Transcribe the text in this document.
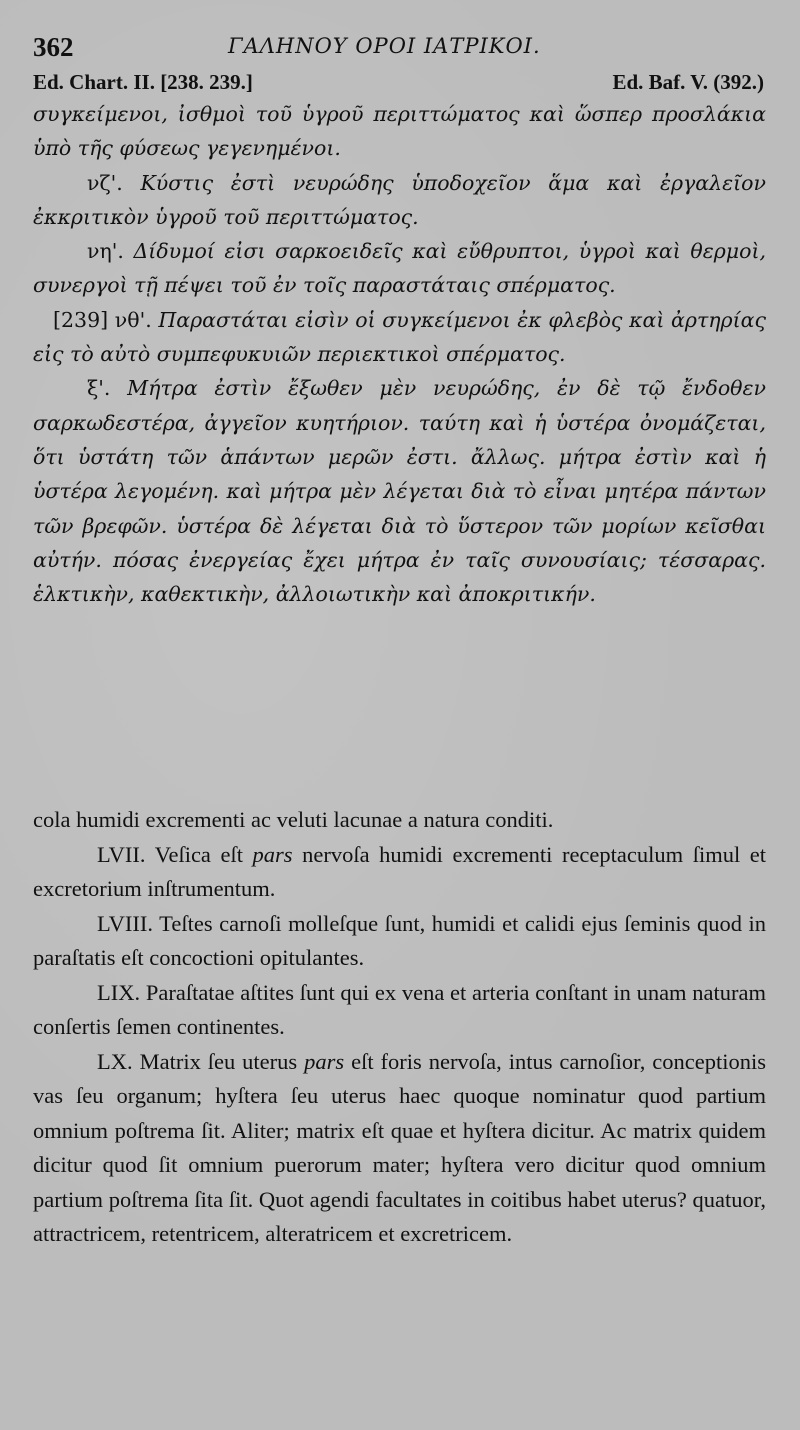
362	ΓΑΛΗΝΟΥ ΟΡΟΙ ΙΑΤΡΙΚΟΙ.
Ed. Chart. II. [238. 239.]	Ed. Baf. V. (392.)

συγκείμενοι, ἰσθμοὶ τοῦ ὑγροῦ περιττώματος καὶ ὥσπερ προσλάκια ὑπὸ τῆς φύσεως γεγενημένοι.

νζ'. Κύστις ἐστὶ νευρώδης ὑποδοχεῖον ἅμα καὶ ἐργαλεῖον ἐκκριτικὸν ὑγροῦ τοῦ περιττώματος.

νη'. Δίδυμοί εἰσι σαρκοειδεῖς καὶ εὔθρυπτοι, ὑγροὶ καὶ θερμοὶ, συνεργοὶ τῇ πέψει τοῦ ἐν τοῖς παραστάταις σπέρματος.

[239] νθ'. Παραστάται εἰσὶν οἱ συγκείμενοι ἐκ φλεβὸς καὶ ἀρτηρίας εἰς τὸ αὐτὸ συμπεφυκυιῶν περιεκτικοὶ σπέρματος.

ξ'. Μήτρα ἐστὶν ἔξωθεν μὲν νευρώδης, ἐν δὲ τῷ ἔνδοθεν σαρκωδεστέρα, ἀγγεῖον κυητήριον. ταύτη καὶ ἡ ὑστέρα ὀνομάζεται, ὅτι ὑστάτη τῶν ἁπάντων μερῶν ἐστι. ἄλλως. μήτρα ἐστὶν καὶ ἡ ὑστέρα λεγομένη. καὶ μήτρα μὲν λέγεται διὰ τὸ εἶναι μητέρα πάντων τῶν βρεφῶν. ὑστέρα δὲ λέγεται διὰ τὸ ὕστερον τῶν μορίων κεῖσθαι αὐτήν. πόσας ἐνεργείας ἔχει μήτρα ἐν ταῖς συνουσίαις; τέσσαρας. ἑλκτικὴν, καθεκτικὴν, ἀλλοιωτικὴν καὶ ἀποκριτικήν.

cola humidi excrementi ac veluti lacunae a natura conditi.

LVII. Veſica eſt pars nervoſa humidi excrementi receptaculum ſimul et excretorium inſtrumentum.

LVIII. Teſtes carnoſi molleſque ſunt, humidi et calidi ejus ſeminis quod in paraſtatis eſt concoctioni opitulantes.

LIX. Paraſtatae aſtites ſunt qui ex vena et arteria conſtant in unam naturam conſertis ſemen continentes.

LX. Matrix ſeu uterus pars eſt foris nervoſa, intus carnoſior, conceptionis vas ſeu organum; hyſtera ſeu uterus haec quoque nominatur quod partium omnium poſtrema ſit. Aliter; matrix eſt quae et hyſtera dicitur. Ac matrix quidem dicitur quod ſit omnium puerorum mater; hyſtera vero dicitur quod omnium partium poſtrema ſita ſit. Quot agendi facultates in coitibus habet uterus? quatuor, attractricem, retentricem, alteratricem et excretricem.
